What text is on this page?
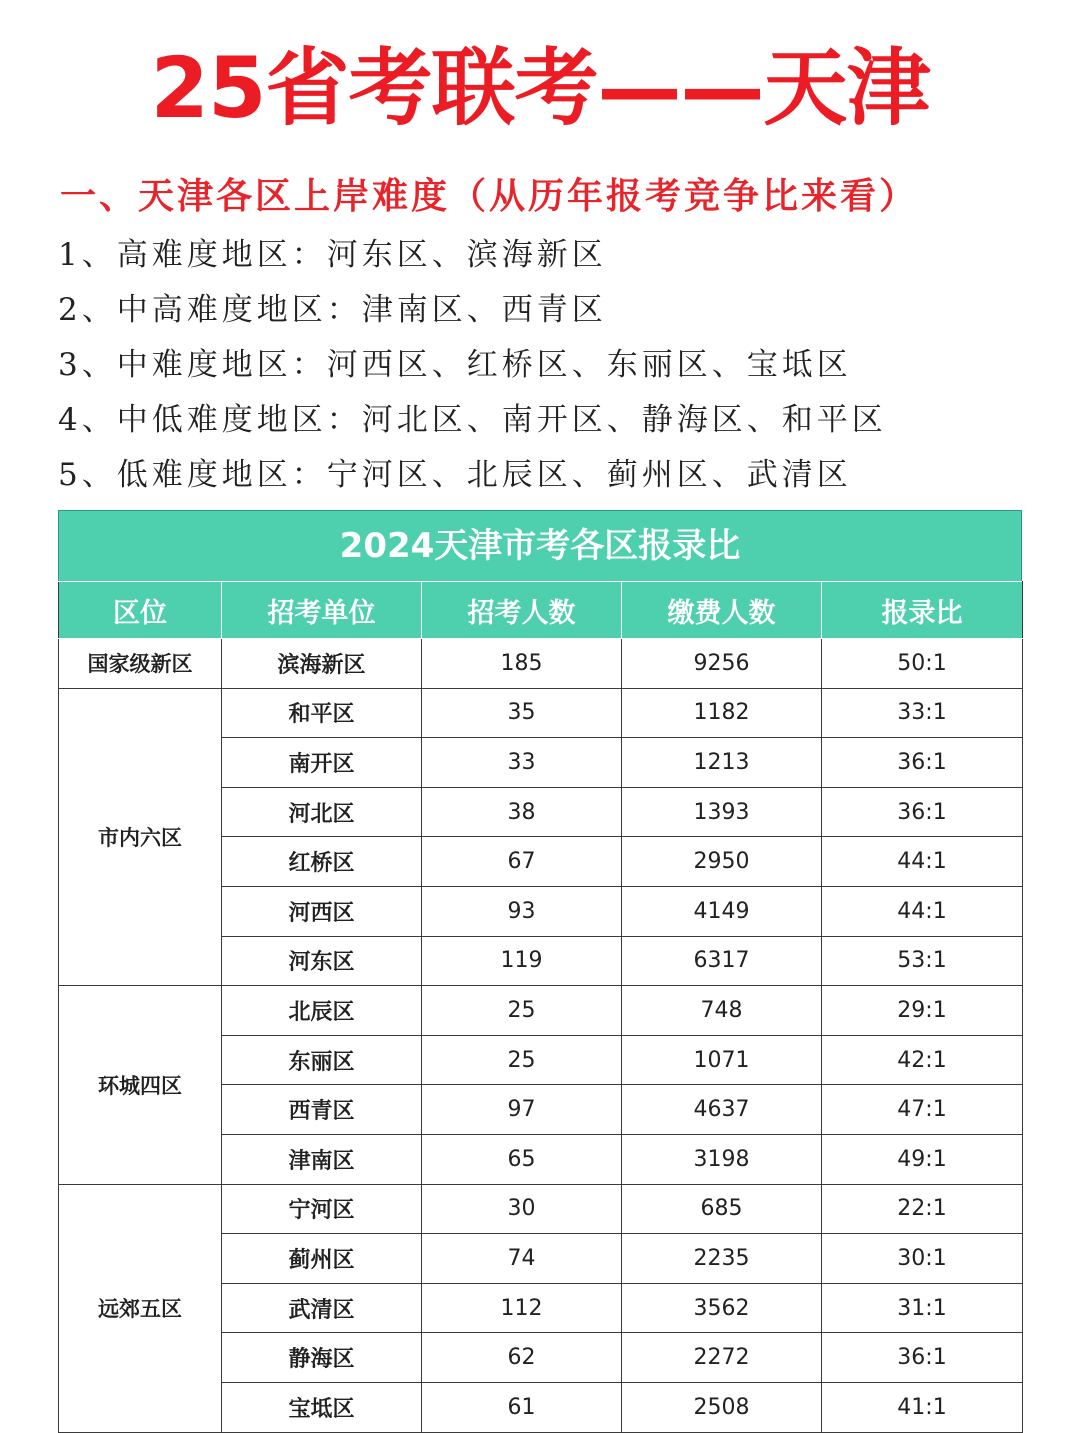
25省考联考——天津
一、天津各区上岸难度（从历年报考竞争比来看）
1、高难度地区：河东区、滨海新区
2、中高难度地区：津南区、西青区
3、中难度地区：河西区、红桥区、东丽区、宝坻区
4、中低难度地区：河北区、南开区、静海区、和平区
5、低难度地区：宁河区、北辰区、蓟州区、武清区
2024天津市考各区报录比
区位	招考单位	招考人数	缴费人数	报录比
国家级新区	滨海新区	185	9256	50:1
市内六区	和平区	35	1182	33:1
	南开区	33	1213	36:1
	河北区	38	1393	36:1
	红桥区	67	2950	44:1
	河西区	93	4149	44:1
	河东区	119	6317	53:1
环城四区	北辰区	25	748	29:1
	东丽区	25	1071	42:1
	西青区	97	4637	47:1
	津南区	65	3198	49:1
远郊五区	宁河区	30	685	22:1
	蓟州区	74	2235	30:1
	武清区	112	3562	31:1
	静海区	62	2272	36:1
	宝坻区	61	2508	41:1
